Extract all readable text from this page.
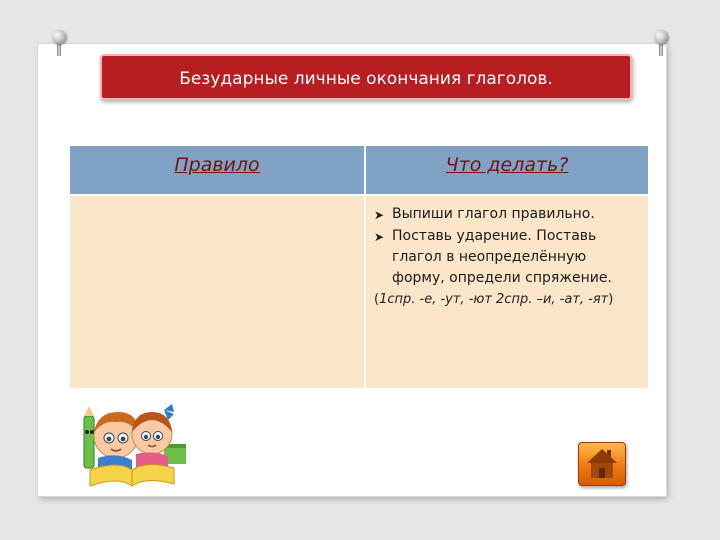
Безударные личные окончания глаголов.
Правило	Что делать?
➤ Выпиши глагол правильно.
➤ Поставь ударение. Поставь глагол в неопределённую форму, определи спряжение.
(1спр. -е, -ут, -ют 2спр. –и, -ат, -ят)
